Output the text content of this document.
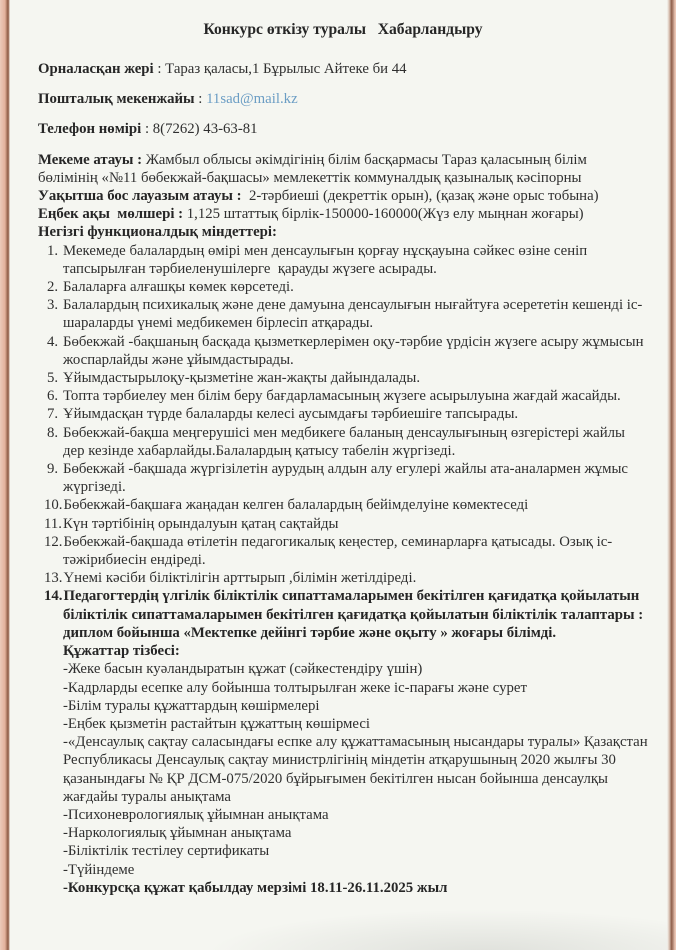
Конкурс өткізу туралы   Хабарландыру

Орналасқан жері : Тараз қаласы,1 Бұрылыс Айтеке би 44

Пошталық мекенжайы : 11sad@mail.kz

Телефон нөмірі : 8(7262) 43-63-81

Мекеме атауы : Жамбыл облысы әкімдігінің білім басқармасы Тараз қаласының білім бөлімінің «№11 бөбекжай-бақшасы» мемлекеттік коммуналдық қазыналық кәсіпорны

Уақытша бос лауазым атауы :  2-тәрбиеші (декреттік орын), (қазақ және орыс тобына)

Еңбек ақы  мөлшері : 1,125 штаттық бірлік-150000-160000(Жүз елу мыңнан жоғары)

Негізгі функционалдық міндеттері:

1. Мекемеде балалардың өмірі мен денсаулығын қорғау нұсқауына сәйкес өзіне сеніп тапсырылған тәрбиеленушілерге  қарауды жүзеге асырады.
2. Балаларға алғашқы көмек көрсетеді.
3. Балалардың психикалық және дене дамуына денсаулығын нығайтуға әсерететін кешенді іс-шараларды үнемі медбикемен бірлесіп атқарады.
4. Бөбекжай -бақшаның басқада қызметкерлерімен оқу-тәрбие үрдісін жүзеге асыру жұмысын жоспарлайды және ұйымдастырады.
5. Ұйымдастырылоқу-қызметіне жан-жақты дайындалады.
6. Топта тәрбиелеу мен білім беру бағдарламасының жүзеге асырылуына жағдай жасайды.
7. Ұйымдасқан түрде балаларды келесі аусымдағы тәрбиешіге тапсырады.
8. Бөбекжай-бақша меңгерушісі мен медбикеге баланың денсаулығының өзгерістері жайлы дер кезінде хабарлайды.Балалардың қатысу табелін жүргізеді.
9. Бөбекжай -бақшада жүргізілетін аурудың алдын алу егулері жайлы ата-аналармен жұмыс жүргізеді.
10.Бөбекжай-бақшаға жаңадан келген балалардың бейімделуіне көмектеседі
11.Күн тәртібінің орындалуын қатаң сақтайды
12.Бөбекжай-бақшада өтілетін педагогикалық кеңестер, семинарларға қатысады. Озық іс-тәжірибиесін ендіреді.
13.Үнемі кәсіби біліктілігін арттырып ,білімін жетілдіреді.
14.Педагогтердің үлгілік біліктілік сипаттамаларымен бекітілген қағидатқа қойылатын біліктілік сипаттамаларымен бекітілген қағидатқа қойылатын біліктілік талаптары : диплом бойынша «Мектепке дейінгі тәрбие және оқыту » жоғары білімді.

Құжаттар тізбесі:

-Жеке басын куәландыратын құжат (сәйкестендіру үшін)
-Кадрларды есепке алу бойынша толтырылған жеке іс-парағы және сурет
-Білім туралы құжаттардың көшірмелері
-Еңбек қызметін растайтын құжаттың көшірмесі
-«Денсаулық сақтау саласындағы еспке алу құжаттамасының нысандары туралы» Қазақстан Республикасы Денсаулық сақтау министрлігінің міндетін атқарушының 2020 жылғы 30 қазанындағы № ҚР ДСМ-075/2020 бұйрығымен бекітілген нысан бойынша денсаулқы жағдайы туралы анықтама
-Психоневрологиялық ұйымнан анықтама
-Наркологиялық ұйымнан анықтама
-Біліктілік тестілеу сертификаты
-Түйіндеме
-Конкурсқа құжат қабылдау мерзімі 18.11-26.11.2025 жыл
